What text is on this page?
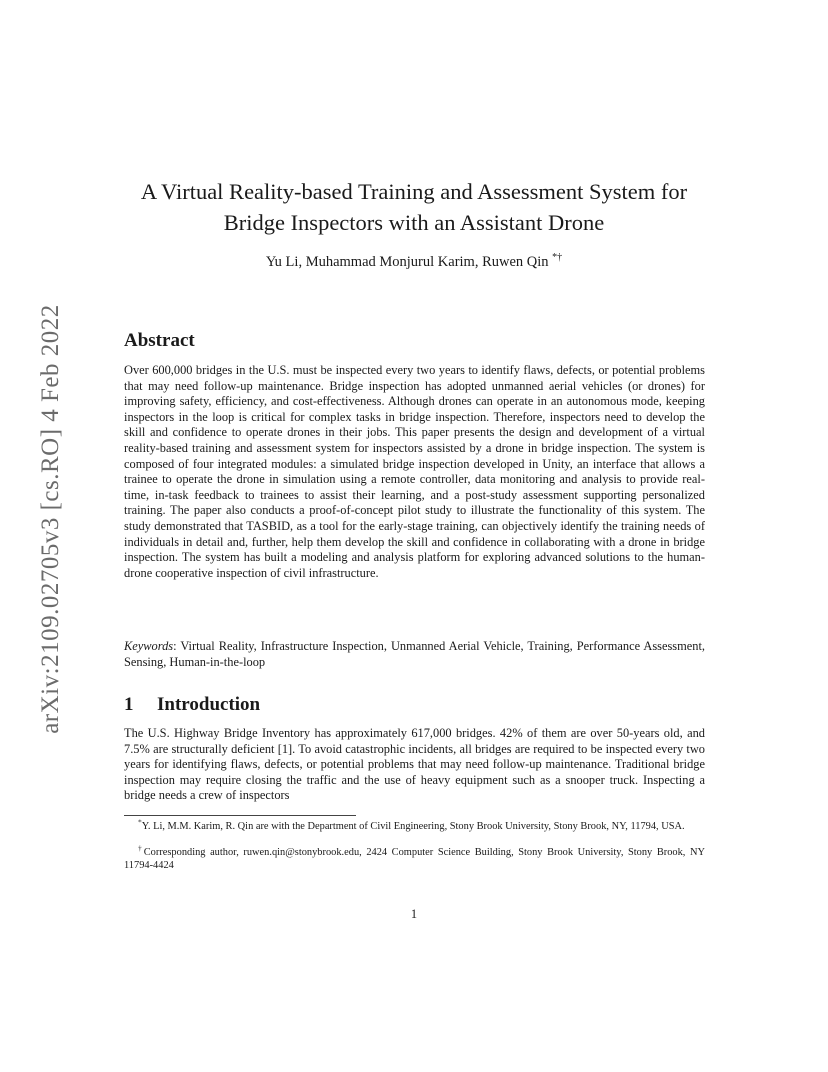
arXiv:2109.02705v3 [cs.RO] 4 Feb 2022
A Virtual Reality-based Training and Assessment System for Bridge Inspectors with an Assistant Drone
Yu Li, Muhammad Monjurul Karim, Ruwen Qin *†
Abstract

Over 600,000 bridges in the U.S. must be inspected every two years to identify flaws, defects, or potential problems that may need follow-up maintenance. Bridge inspection has adopted unmanned aerial vehicles (or drones) for improving safety, efficiency, and cost-effectiveness. Although drones can operate in an autonomous mode, keeping inspectors in the loop is critical for complex tasks in bridge inspection. Therefore, inspectors need to develop the skill and confidence to operate drones in their jobs. This paper presents the design and development of a virtual reality-based training and assessment system for inspectors assisted by a drone in bridge inspection. The system is composed of four integrated modules: a simulated bridge inspection developed in Unity, an interface that allows a trainee to operate the drone in simulation using a remote controller, data monitoring and analysis to provide real-time, in-task feedback to trainees to assist their learning, and a post-study assessment supporting personalized training. The paper also conducts a proof-of-concept pilot study to illustrate the functionality of this system. The study demonstrated that TASBID, as a tool for the early-stage training, can objectively identify the training needs of individuals in detail and, further, help them develop the skill and confidence in collaborating with a drone in bridge inspection. The system has built a modeling and analysis platform for exploring advanced solutions to the human-drone cooperative inspection of civil infrastructure.

Keywords: Virtual Reality, Infrastructure Inspection, Unmanned Aerial Vehicle, Training, Performance Assessment, Sensing, Human-in-the-loop

1 Introduction

The U.S. Highway Bridge Inventory has approximately 617,000 bridges. 42% of them are over 50-years old, and 7.5% are structurally deficient [1]. To avoid catastrophic incidents, all bridges are required to be inspected every two years for identifying flaws, defects, or potential problems that may need follow-up maintenance. Traditional bridge inspection may require closing the traffic and the use of heavy equipment such as a snooper truck. Inspecting a bridge needs a crew of inspectors

*Y. Li, M.M. Karim, R. Qin are with the Department of Civil Engineering, Stony Brook University, Stony Brook, NY, 11794, USA.

†Corresponding author, ruwen.qin@stonybrook.edu, 2424 Computer Science Building, Stony Brook University, Stony Brook, NY 11794-4424

1
